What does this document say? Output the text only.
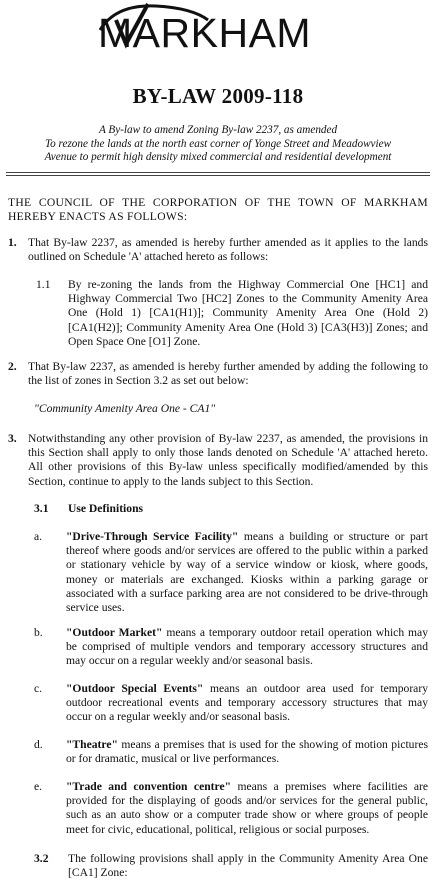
MARKHAM
BY-LAW 2009-118
A By-law to amend Zoning By-law 2237, as amended
To rezone the lands at the north east corner of Yonge Street and Meadowview
Avenue to permit high density mixed commercial and residential development
THE COUNCIL OF THE CORPORATION OF THE TOWN OF MARKHAM HEREBY ENACTS AS FOLLOWS:
1. That By-law 2237, as amended is hereby further amended as it applies to the lands outlined on Schedule 'A' attached hereto as follows:
1.1 By re-zoning the lands from the Highway Commercial One [HC1] and Highway Commercial Two [HC2] Zones to the Community Amenity Area One (Hold 1) [CA1(H1)]; Community Amenity Area One (Hold 2) [CA1(H2)]; Community Amenity Area One (Hold 3) [CA3(H3)] Zones; and Open Space One [O1] Zone.
2. That By-law 2237, as amended is hereby further amended by adding the following to the list of zones in Section 3.2 as set out below:
"Community Amenity Area One - CA1"
3. Notwithstanding any other provision of By-law 2237, as amended, the provisions in this Section shall apply to only those lands denoted on Schedule 'A' attached hereto. All other provisions of this By-law unless specifically modified/amended by this Section, continue to apply to the lands subject to this Section.
3.1 Use Definitions
a. "Drive-Through Service Facility" means a building or structure or part thereof where goods and/or services are offered to the public within a parked or stationary vehicle by way of a service window or kiosk, where goods, money or materials are exchanged. Kiosks within a parking garage or associated with a surface parking area are not considered to be drive-through service uses.
b. "Outdoor Market" means a temporary outdoor retail operation which may be comprised of multiple vendors and temporary accessory structures and may occur on a regular weekly and/or seasonal basis.
c. "Outdoor Special Events" means an outdoor area used for temporary outdoor recreational events and temporary accessory structures that may occur on a regular weekly and/or seasonal basis.
d. "Theatre" means a premises that is used for the showing of motion pictures or for dramatic, musical or live performances.
e. "Trade and convention centre" means a premises where facilities are provided for the displaying of goods and/or services for the general public, such as an auto show or a computer trade show or where groups of people meet for civic, educational, political, religious or social purposes.
3.2 The following provisions shall apply in the Community Amenity Area One [CA1] Zone:
